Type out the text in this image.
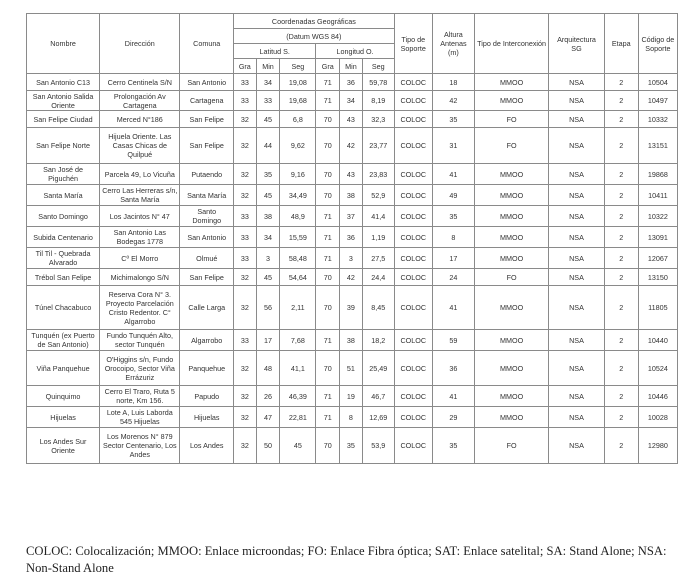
Nombre	Dirección	Comuna	Coordenadas Geográficas						Tipo de Soporte	Altura Antenas (m)	Tipo de Interconexión	Arquitectura SG	Etapa	Código de Soporte
			(Datum WGS 84)											
			Latitud S.			Longitud O.								
			Gra	Min	Seg	Gra	Min	Seg						
San Antonio C13	Cerro Centinela S/N	San Antonio	33	34	19,08	71	36	59,78	COLOC	18	MMOO	NSA	2	10504
San Antonio Salida Oriente	Prolongación Av Cartagena	Cartagena	33	33	19,68	71	34	8,19	COLOC	42	MMOO	NSA	2	10497
San Felipe Ciudad	Merced N°186	San Felipe	32	45	6,8	70	43	32,3	COLOC	35	FO	NSA	2	10332
San Felipe Norte	Hijuela Oriente. Las Casas Chicas de Quilpué	San Felipe	32	44	9,62	70	42	23,77	COLOC	31	FO	NSA	2	13151
San José de Piguchén	Parcela 49, Lo Vicuña	Putaendo	32	35	9,16	70	43	23,83	COLOC	41	MMOO	NSA	2	19868
Santa María	Cerro Las Herreras s/n, Santa María	Santa María	32	45	34,49	70	38	52,9	COLOC	49	MMOO	NSA	2	10411
Santo Domingo	Los Jacintos N° 47	Santo Domingo	33	38	48,9	71	37	41,4	COLOC	35	MMOO	NSA	2	10322
Subida Centenario	San Antonio Las Bodegas 1778	San Antonio	33	34	15,59	71	36	1,19	COLOC	8	MMOO	NSA	2	13091
Til Til - Quebrada Alvarado	Cº El Morro	Olmué	33	3	58,48	71	3	27,5	COLOC	17	MMOO	NSA	2	12067
Trébol San Felipe	Michimalongo S/N	San Felipe	32	45	54,64	70	42	24,4	COLOC	24	FO	NSA	2	13150
Túnel Chacabuco	Reserva Cora N° 3. Proyecto Parcelación Cristo Redentor. C° Algarrobo	Calle Larga	32	56	2,11	70	39	8,45	COLOC	41	MMOO	NSA	2	11805
Tunquén (ex Puerto de San Antonio)	Fundo Tunquén Alto, sector Tunquén	Algarrobo	33	17	7,68	71	38	18,2	COLOC	59	MMOO	NSA	2	10440
Viña Panquehue	O'Higgins s/n, Fundo Orocoipo, Sector Viña Errázuriz	Panquehue	32	48	41,1	70	51	25,49	COLOC	36	MMOO	NSA	2	10524
Quinquimo	Cerro El Traro, Ruta 5 norte, Km 156.	Papudo	32	26	46,39	71	19	46,7	COLOC	41	MMOO	NSA	2	10446
Hijuelas	Lote A, Luis Laborda 545 Hijuelas	Hijuelas	32	47	22,81	71	8	12,69	COLOC	29	MMOO	NSA	2	10028
Los Andes Sur Oriente	Los Morenos N° 879 Sector Centenario, Los Andes	Los Andes	32	50	45	70	35	53,9	COLOC	35	FO	NSA	2	12980

COLOC: Colocalización; MMOO: Enlace microondas; FO: Enlace Fibra óptica; SAT: Enlace satelital; SA: Stand Alone; NSA: Non-Stand Alone
